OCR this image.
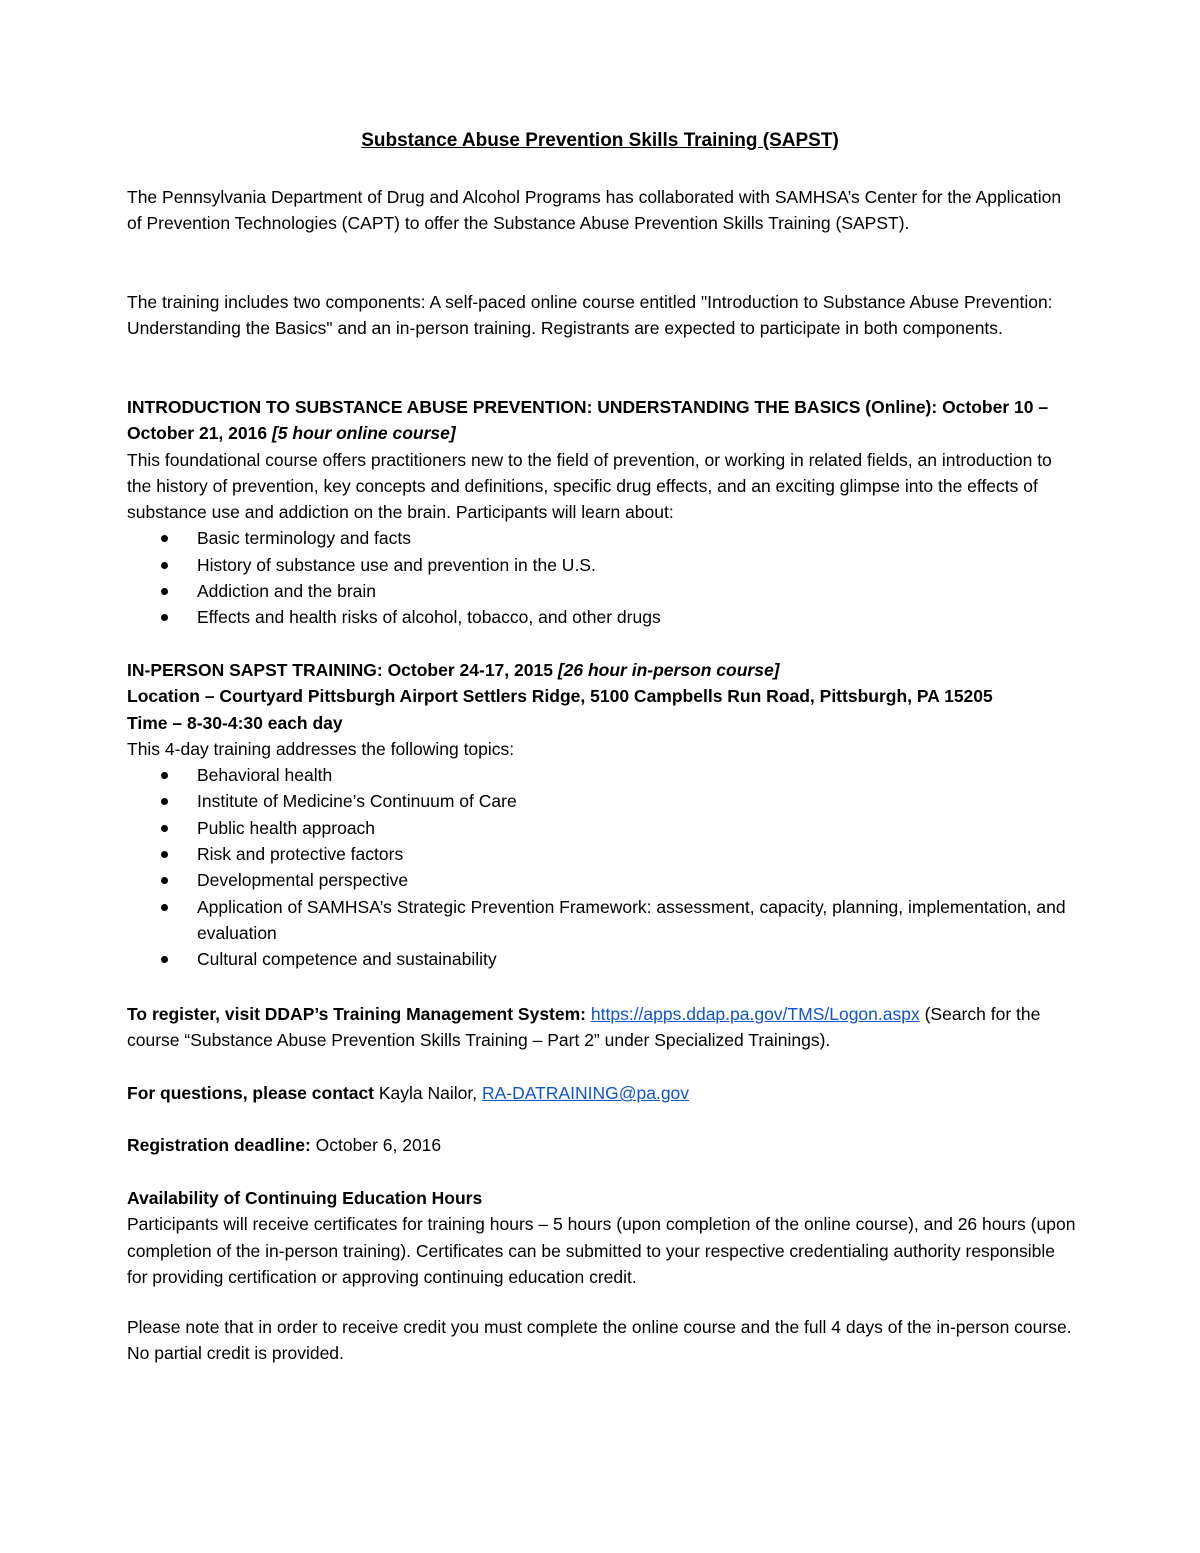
Substance Abuse Prevention Skills Training (SAPST)

The Pennsylvania Department of Drug and Alcohol Programs has collaborated with SAMHSA’s Center for the Application of Prevention Technologies (CAPT) to offer the Substance Abuse Prevention Skills Training (SAPST).

The training includes two components: A self-paced online course entitled "Introduction to Substance Abuse Prevention: Understanding the Basics" and an in-person training. Registrants are expected to participate in both components.

INTRODUCTION TO SUBSTANCE ABUSE PREVENTION: UNDERSTANDING THE BASICS (Online): October 10 – October 21, 2016 [5 hour online course]

This foundational course offers practitioners new to the field of prevention, or working in related fields, an introduction to the history of prevention, key concepts and definitions, specific drug effects, and an exciting glimpse into the effects of substance use and addiction on the brain. Participants will learn about:

Basic terminology and facts
History of substance use and prevention in the U.S.
Addiction and the brain
Effects and health risks of alcohol, tobacco, and other drugs

IN-PERSON SAPST TRAINING: October 24-17, 2015 [26 hour in-person course]

Location – Courtyard Pittsburgh Airport Settlers Ridge, 5100 Campbells Run Road, Pittsburgh, PA 15205

Time – 8-30-4:30 each day

This 4-day training addresses the following topics:

Behavioral health
Institute of Medicine’s Continuum of Care
Public health approach
Risk and protective factors
Developmental perspective
Application of SAMHSA’s Strategic Prevention Framework: assessment, capacity, planning, implementation, and evaluation
Cultural competence and sustainability

To register, visit DDAP’s Training Management System: https://apps.ddap.pa.gov/TMS/Logon.aspx (Search for the course “Substance Abuse Prevention Skills Training – Part 2” under Specialized Trainings).

For questions, please contact Kayla Nailor, RA-DATRAINING@pa.gov

Registration deadline: October 6, 2016

Availability of Continuing Education Hours

Participants will receive certificates for training hours – 5 hours (upon completion of the online course), and 26 hours (upon completion of the in-person training). Certificates can be submitted to your respective credentialing authority responsible for providing certification or approving continuing education credit.

Please note that in order to receive credit you must complete the online course and the full 4 days of the in-person course. No partial credit is provided.
